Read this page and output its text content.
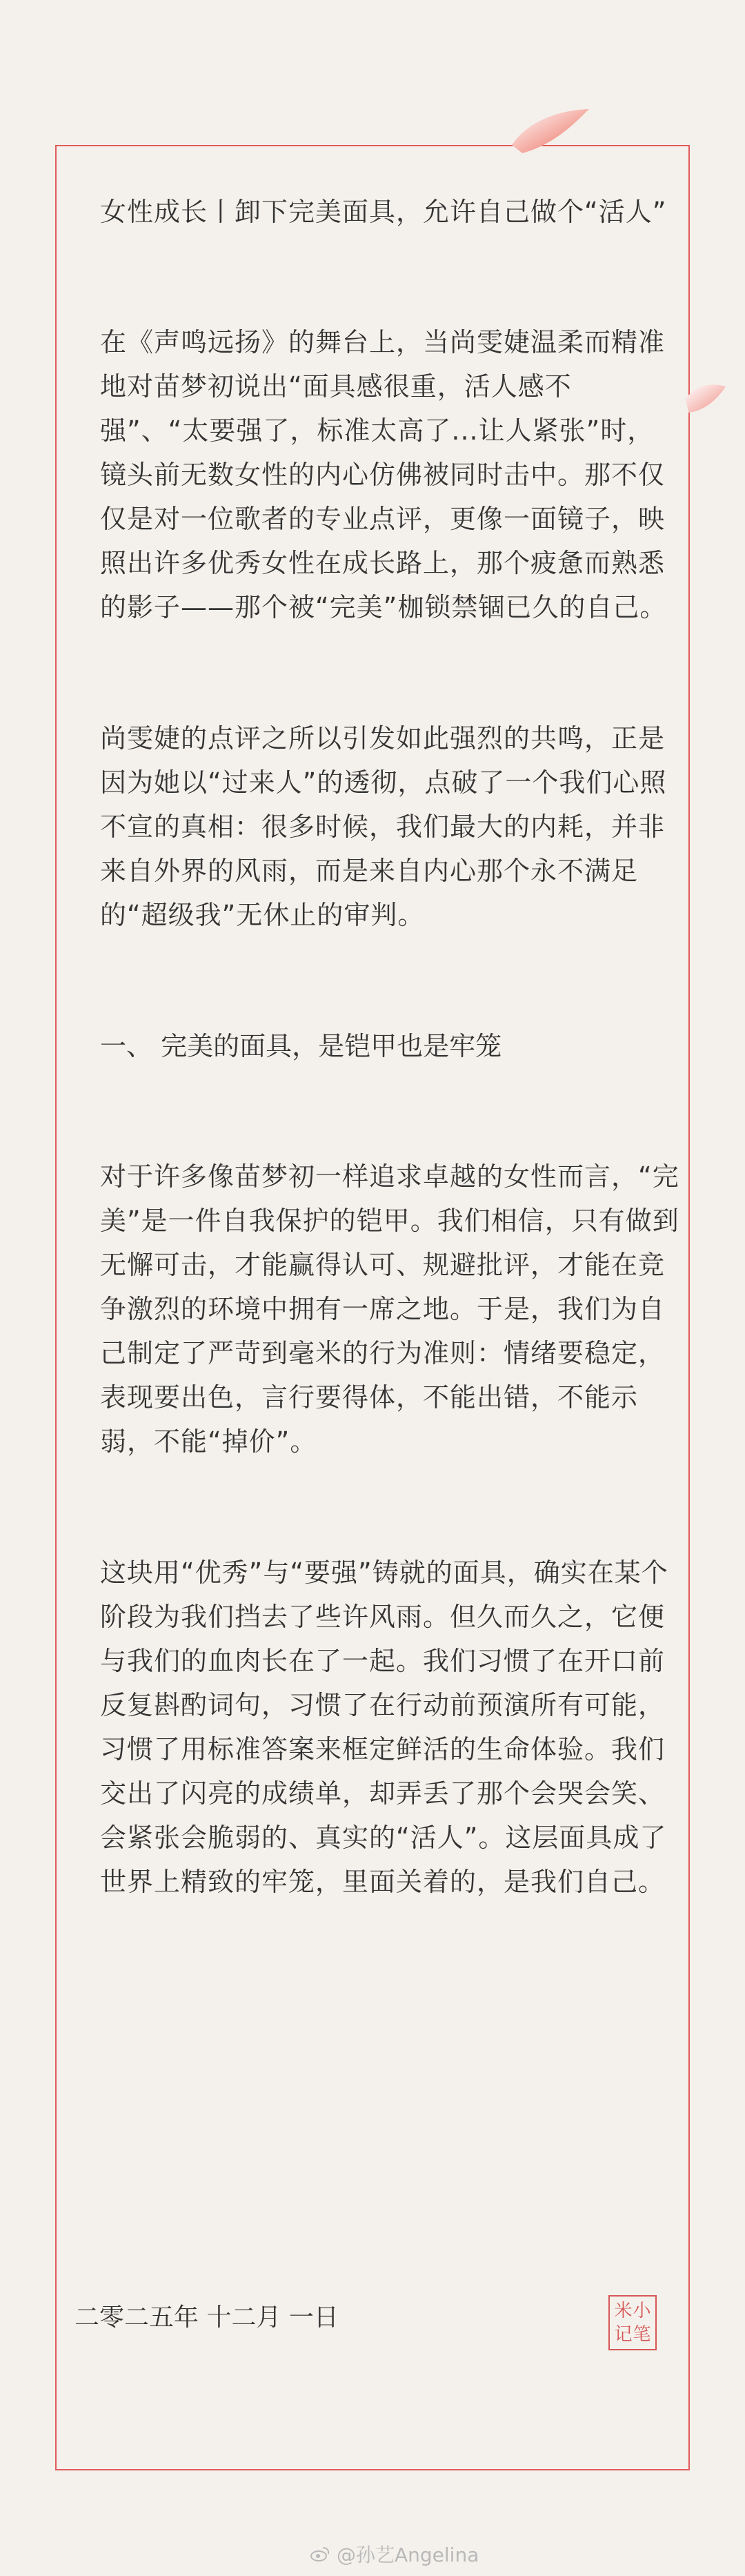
女性成长丨卸下完美面具，允许自己做个“活人”

在《声鸣远扬》的舞台上，当尚雯婕温柔而精准地对苗梦初说出“面具感很重，活人感不强”、“太要强了，标准太高了...让人紧张”时，镜头前无数女性的内心仿佛被同时击中。那不仅仅是对一位歌者的专业点评，更像一面镜子，映照出许多优秀女性在成长路上，那个疲惫而熟悉的影子——那个被“完美”枷锁禁锢已久的自己。

尚雯婕的点评之所以引发如此强烈的共鸣，正是因为她以“过来人”的透彻，点破了一个我们心照不宣的真相：很多时候，我们最大的内耗，并非来自外界的风雨，而是来自内心那个永不满足的“超级我”无休止的审判。

一、 完美的面具，是铠甲也是牢笼

对于许多像苗梦初一样追求卓越的女性而言，“完美”是一件自我保护的铠甲。我们相信，只有做到无懈可击，才能赢得认可、规避批评，才能在竞争激烈的环境中拥有一席之地。于是，我们为自己制定了严苛到毫米的行为准则：情绪要稳定，表现要出色，言行要得体，不能出错，不能示弱，不能“掉价”。

这块用“优秀”与“要强”铸就的面具，确实在某个阶段为我们挡去了些许风雨。但久而久之，它便与我们的血肉长在了一起。我们习惯了在开口前反复斟酌词句，习惯了在行动前预演所有可能，习惯了用标准答案来框定鲜活的生命体验。我们交出了闪亮的成绩单，却弄丢了那个会哭会笑、会紧张会脆弱的、真实的“活人”。这层面具成了世界上精致的牢笼，里面关着的，是我们自己。

二零二五年 十二月 一日	米 小
记 笔
@孙艺Angelina
